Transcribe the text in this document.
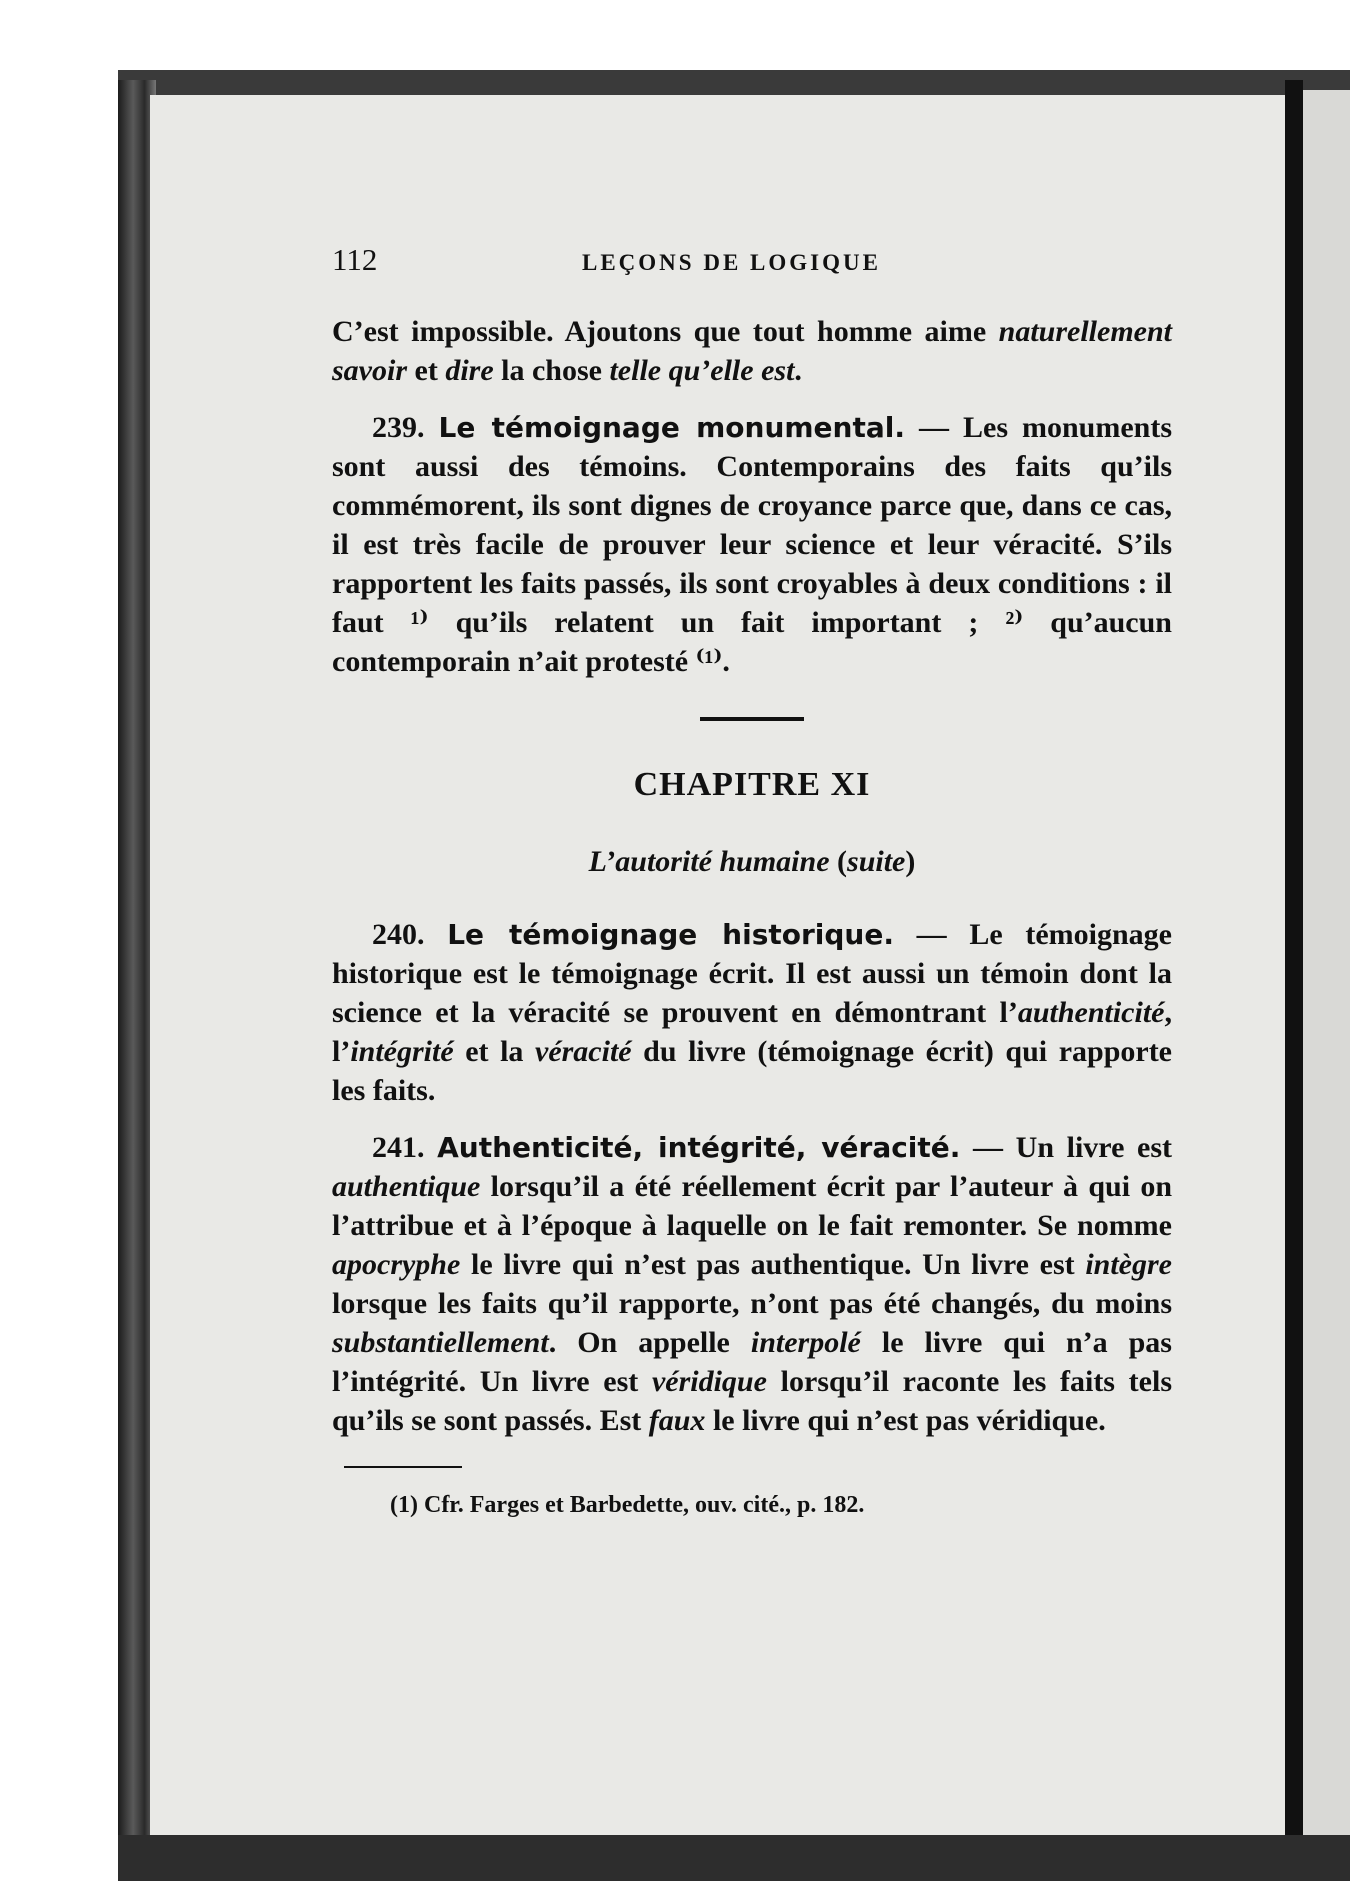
112	LEÇONS DE LOGIQUE

C’est impossible. Ajoutons que tout homme aime naturellement savoir et dire la chose telle qu’elle est.

239. Le témoignage monumental. — Les monuments sont aussi des témoins. Contemporains des faits qu’ils commémorent, ils sont dignes de croyance parce que, dans ce cas, il est très facile de prouver leur science et leur véracité. S’ils rapportent les faits passés, ils sont croyables à deux conditions : il faut ¹⁾ qu’ils relatent un fait important ; ²⁾ qu’aucun contemporain n’ait protesté ⁽¹⁾.

CHAPITRE XI
L’autorité humaine (suite)

240. Le témoignage historique. — Le témoignage historique est le témoignage écrit. Il est aussi un témoin dont la science et la véracité se prouvent en démontrant l’authenticité, l’intégrité et la véracité du livre (témoignage écrit) qui rapporte les faits.

241. Authenticité, intégrité, véracité. — Un livre est authentique lorsqu’il a été réellement écrit par l’auteur à qui on l’attribue et à l’époque à laquelle on le fait remonter. Se nomme apocryphe le livre qui n’est pas authentique. Un livre est intègre lorsque les faits qu’il rapporte, n’ont pas été changés, du moins substantiellement. On appelle interpolé le livre qui n’a pas l’intégrité. Un livre est véridique lorsqu’il raconte les faits tels qu’ils se sont passés. Est faux le livre qui n’est pas véridique.

(1) Cfr. Farges et Barbedette, ouv. cité., p. 182.
